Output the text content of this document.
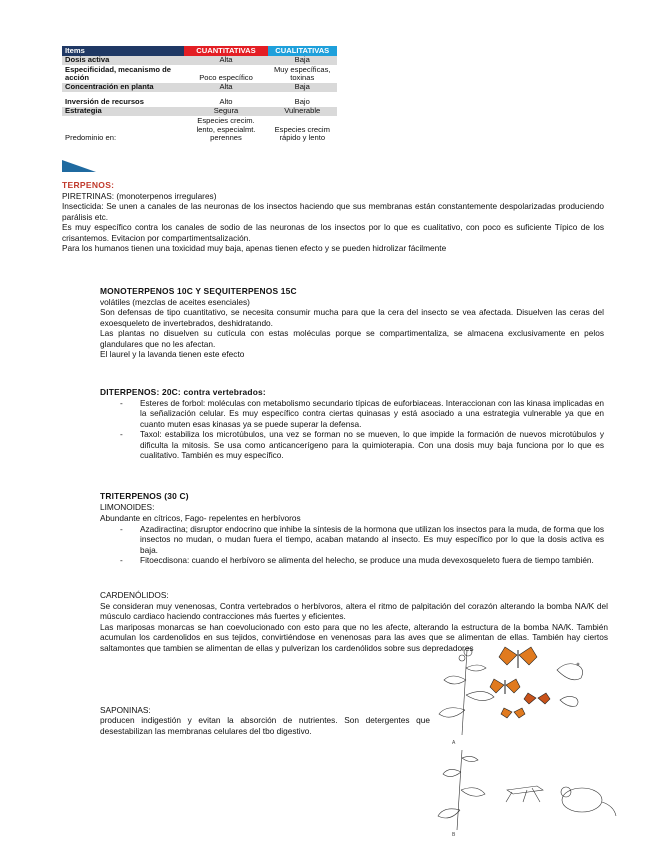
Items	CUANTITATIVAS	CUALITATIVAS
Dosis activa	Alta	Baja
Especificidad, mecanismo de acción	Poco específico	Muy específicas, toxinas
Concentración en planta	Alta	Baja

Inversión de recursos	Alto	Bajo
Estrategia	Segura	Vulnerable
Predominio en:	Especies crecim. lento, especialmt. perennes	Especies crecim rápido y lento
TERPENOS:

PIRETRINAS: (monoterpenos irregulares)

Insecticida: Se unen a canales de las neuronas de los insectos haciendo que sus membranas están constantemente despolarizadas produciendo parálisis etc.

Es muy específico contra los canales de sodio de las neuronas de los insectos por lo que es cualitativo, con poco es suficiente Típico de los crisantemos. Evitacion por compartimentsalización.

Para los humanos tienen una toxicidad muy baja, apenas tienen efecto y se pueden hidrolizar fácilmente

MONOTERPENOS 10C Y SEQUITERPENOS 15C

volátiles (mezclas de aceites esenciales)

Son defensas de tipo cuantitativo, se necesita consumir mucha para que la cera del insecto se vea afectada. Disuelven las ceras del exoesqueleto de invertebrados, deshidratando.

Las plantas no disuelven su cutícula con estas moléculas porque se compartimentaliza, se almacena exclusivamente en pelos glandulares que no les afectan.

El laurel y la lavanda tienen este efecto

DITERPENOS: 20C: contra vertebrados:
- Esteres de forbol: moléculas con metabolismo secundario típicas de euforbiaceas. Interaccionan con las kinasa implicadas en la señalización celular. Es muy específico contra ciertas quinasas y está asociado a una estrategia vulnerable ya que en cuanto muten esas kinasas ya se puede superar la defensa.
- Taxol: estabiliza los microtúbulos, una vez se forman no se mueven, lo que impide la formación de nuevos microtúbulos y dificulta la mitosis. Se usa como anticancerígeno para la quimioterapia. Con una dosis muy baja funciona por lo que es cualitativo. También es muy específico.
TRITERPENOS (30 C)
LIMONOIDES:
Abundante en cítricos, Fago- repelentes en herbívoros
- Azadiractina; disruptor endocrino que inhibe la síntesis de la hormona que utilizan los insectos para la muda, de forma que los insectos no mudan, o mudan fuera el tiempo, acaban matando al insecto. Es muy específico por lo que la dosis activa es baja.
- Fitoecdisona: cuando el herbívoro se alimenta del helecho, se produce una muda devexosqueleto fuera de tiempo también.
CARDENÓLIDOS:
Se consideran muy venenosas, Contra vertebrados o herbívoros, altera el ritmo de palpitación del corazón alterando la bomba NA/K del músculo cardiaco haciendo contracciones más fuertes y eficientes.
Las mariposas monarcas se han coevolucionado con esto para que no les afecte, alterando la estructura de la bomba NA/K. También acumulan los cardenolidos en sus tejidos, convirtiéndose en venenosas para las aves que se alimentan de ellas. También hay ciertos saltamontes que tambien se alimentan de ellas y pulverizan los cardenólidos sobre sus depredadores

SAPONINAS:

producen indigestión y evitan la absorción de nutrientes. Son detergentes que desestabilizan las membranas celulares del tbo digestivo.

A
B
